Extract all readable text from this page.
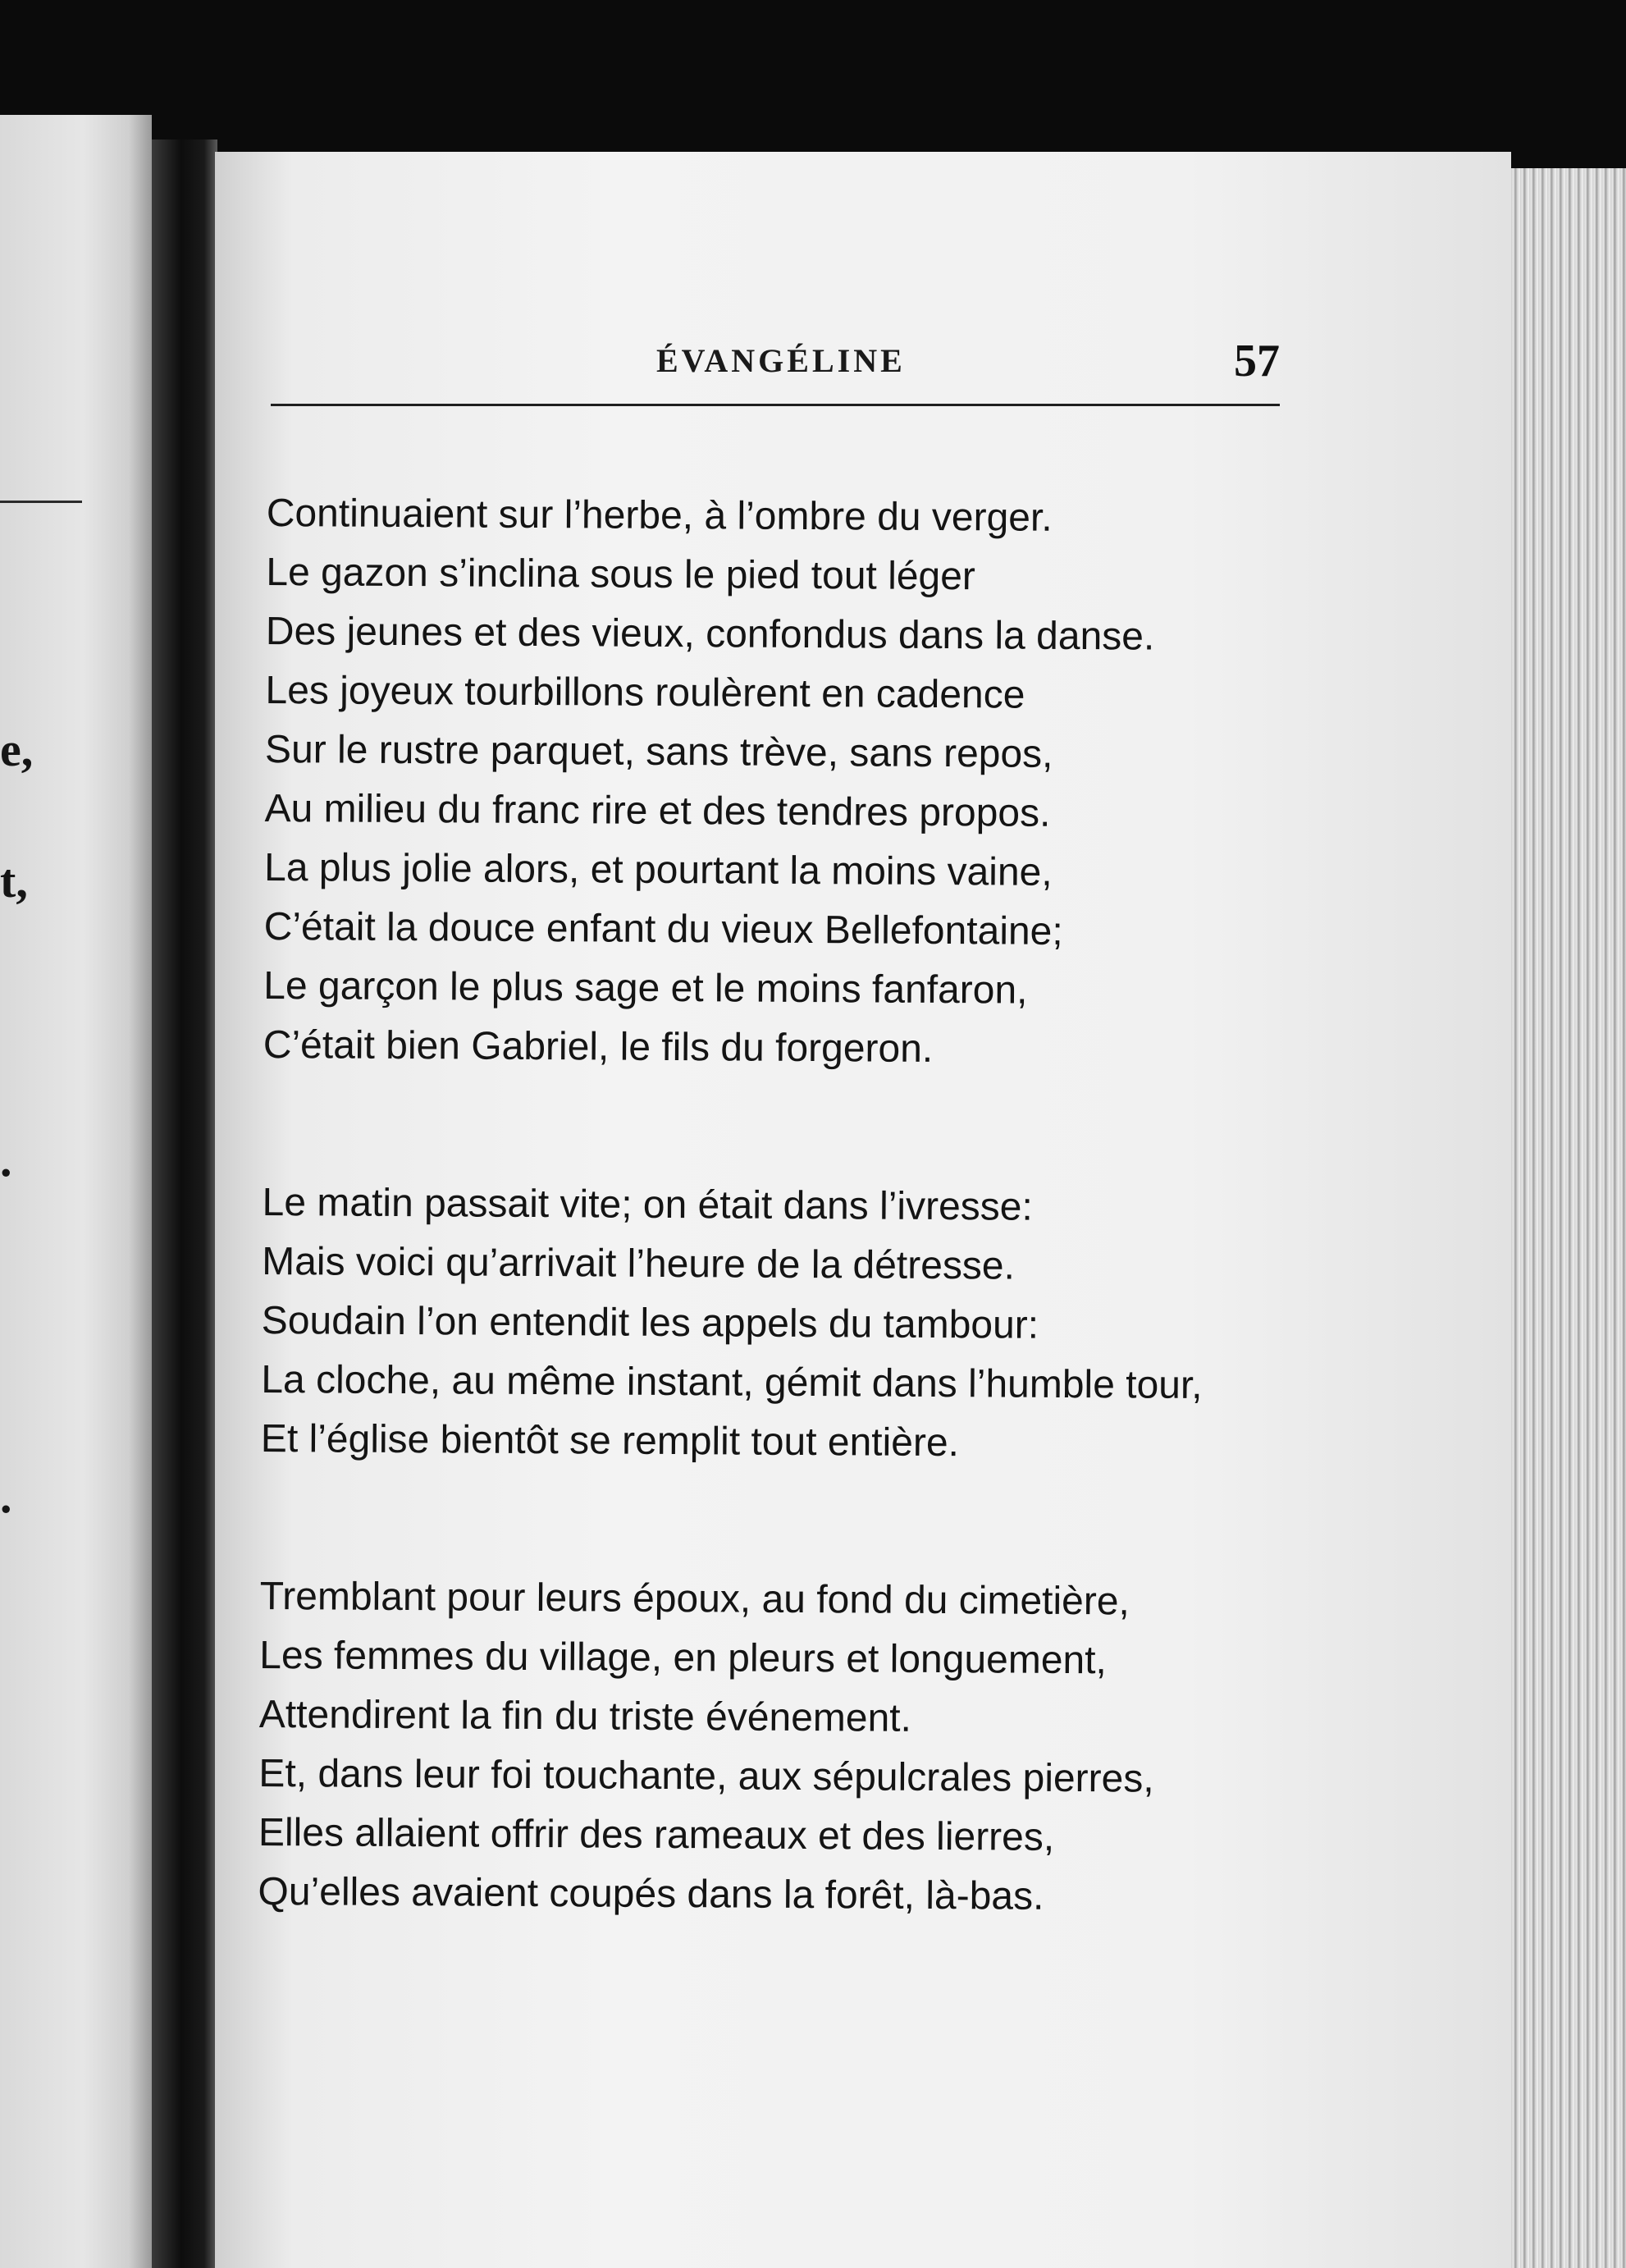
e,
t,
.
.
ÉVANGÉLINE	57
Continuaient sur l’herbe, à l’ombre du verger.
Le gazon s’inclina sous le pied tout léger
Des jeunes et des vieux, confondus dans la danse.
Les joyeux tourbillons roulèrent en cadence
Sur le rustre parquet, sans trève, sans repos,
Au milieu du franc rire et des tendres propos.
La plus jolie alors, et pourtant la moins vaine,
C’était la douce enfant du vieux Bellefontaine;
Le garçon le plus sage et le moins fanfaron,
C’était bien Gabriel, le fils du forgeron.
Le matin passait vite; on était dans l’ivresse:
Mais voici qu’arrivait l’heure de la détresse.
Soudain l’on entendit les appels du tambour:
La cloche, au même instant, gémit dans l’humble tour,
Et l’église bientôt se remplit tout entière.
Tremblant pour leurs époux, au fond du cimetière,
Les femmes du village, en pleurs et longuement,
Attendirent la fin du triste événement.
Et, dans leur foi touchante, aux sépulcrales pierres,
Elles allaient offrir des rameaux et des lierres,
Qu’elles avaient coupés dans la forêt, là-bas.
